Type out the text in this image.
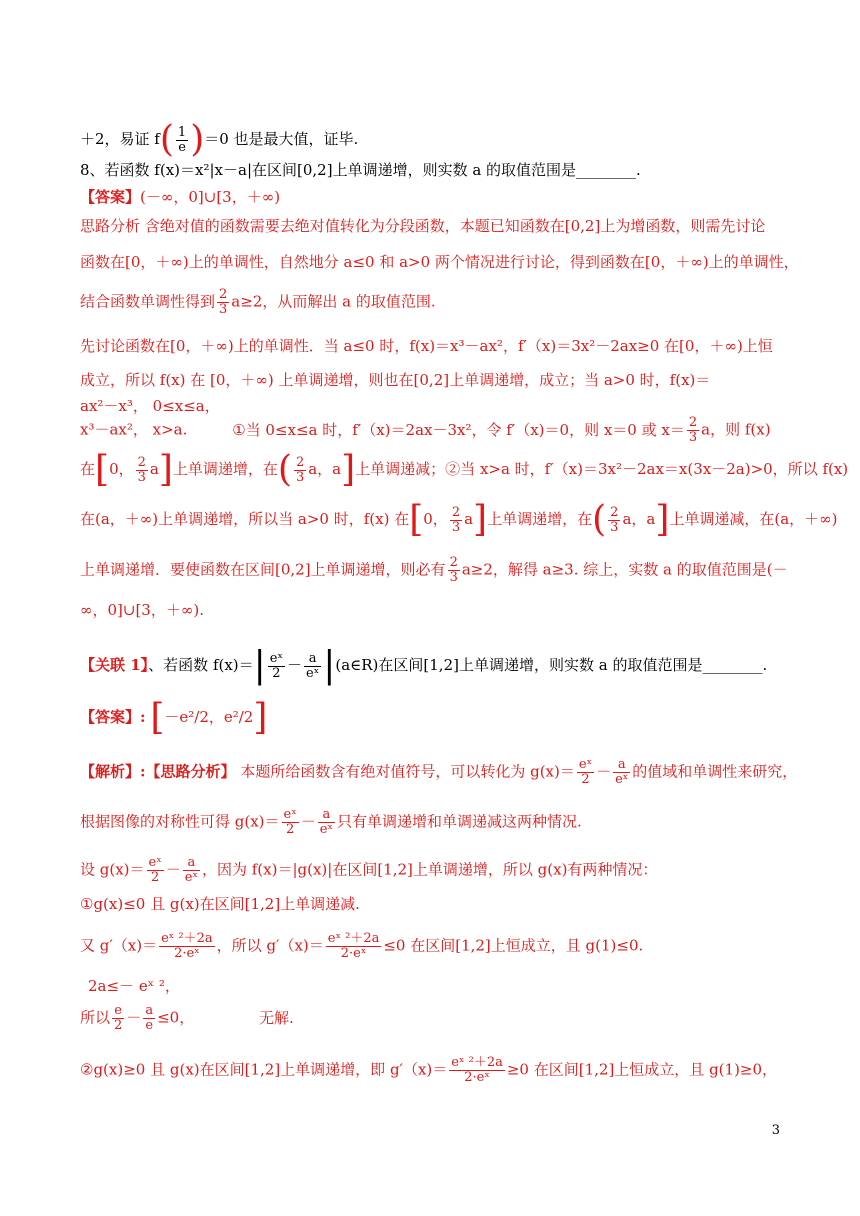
＋2，易证 $f( \frac{1}{e} )=0$ 也是最大值，证毕.
8、若函数 f(x)＝x²|x－a|在区间[0,2]上单调递增，则实数 a 的取值范围是________.
【答案】(－∞，0]∪[3，＋∞)
思路分析 含绝对值的函数需要去绝对值转化为分段函数，本题已知函数在[0,2]上为增函数，则需先讨论
函数在[0，＋∞)上的单调性，自然地分 a≤0 和 a>0 两个情况进行讨论，得到函数在[0，＋∞)上的单调性，
结合函数单调性得到 $\frac{2}{3} a\ge 2$，从而解出 a 的取值范围.
先讨论函数在[0，＋∞)上的单调性．当 a≤0 时，f(x)＝x³－ax²，f′（x)＝3x²－2ax≥0 在[0，＋∞)上恒
成立，所以 f(x) 在 [0，＋∞) 上单调递增，则也在[0,2]上单调递增，成立；当 a>0 时，f(x)＝
ax²－x³， 0≤x≤a，
x³－ax²， x>a.	①当 0≤x≤a 时，f′（x)＝2ax－3x²，令 f′（x)＝0，则 x＝0 或 $x= \frac{2}{3}$ a，则 f(x)
在[0， $\frac{2}{3} a$]上单调递增，在( $\frac{2}{3}$ a，a]上单调递减；②当 x>a 时，f′（x)＝3x²－2ax＝x(3x－2a)>0，所以 f(x)
在(a，＋∞)上单调递增，所以当 a>0 时，f(x) 在[0， $\frac{2}{3} a$]上单调递增，在( $\frac{2}{3}$ a，a]上单调递减，在(a，＋∞)
上单调递增．要使函数在区间[0,2]上单调递增，则必有 $\frac{2}{3} a\ge 2$，解得 a≥3. 综上，实数 a 的取值范围是(－
∞，0]∪[3，＋∞).
【关联 1】、若函数 $f(x)=| \frac{\text{eˣ}}{2} - \frac{a}{\text{eˣ}}$ |(a∈R)在区间[1,2]上单调递增，则实数 a 的取值范围是________.
【答案】: [－e²/2，e²/2]
【解析】:【思路分析】 本题所给函数含有绝对值符号，可以转化为 $g(x)= \frac{\text{eˣ}}{2} - \frac{a}{\text{eˣ}}$ 的值域和单调性来研究，
根据图像的对称性可得 $g(x)= \frac{\text{eˣ}}{2} - \frac{a}{\text{eˣ}}$ 只有单调递增和单调递减这两种情况.
设 $g(x)= \frac{\text{eˣ}}{2} - \frac{a}{\text{eˣ}}$ ，因为 f(x)＝|g(x)|在区间[1,2]上单调递增，所以 g(x)有两种情况：
①g(x)≤0 且 g(x)在区间[1,2]上单调递减.
又 $g'(x)= \frac{\text{eˣ ²＋2a}}{\text{2·eˣ}}$ ，所以 $g'(x)= \frac{\text{eˣ ²＋2a}}{\text{2·eˣ}} \le 0$ 在区间[1,2]上恒成立，且 g(1)≤0.
2a≤－ eˣ ²，
所以 $\frac{e}{2} - \frac{a}{e} \le 0$，	无解.
②g(x)≥0 且 g(x)在区间[1,2]上单调递增，即 $g'(x)= \frac{\text{eˣ ²＋2a}}{\text{2·eˣ}} \ge 0$ 在区间[1,2]上恒成立，且 g(1)≥0，
3
